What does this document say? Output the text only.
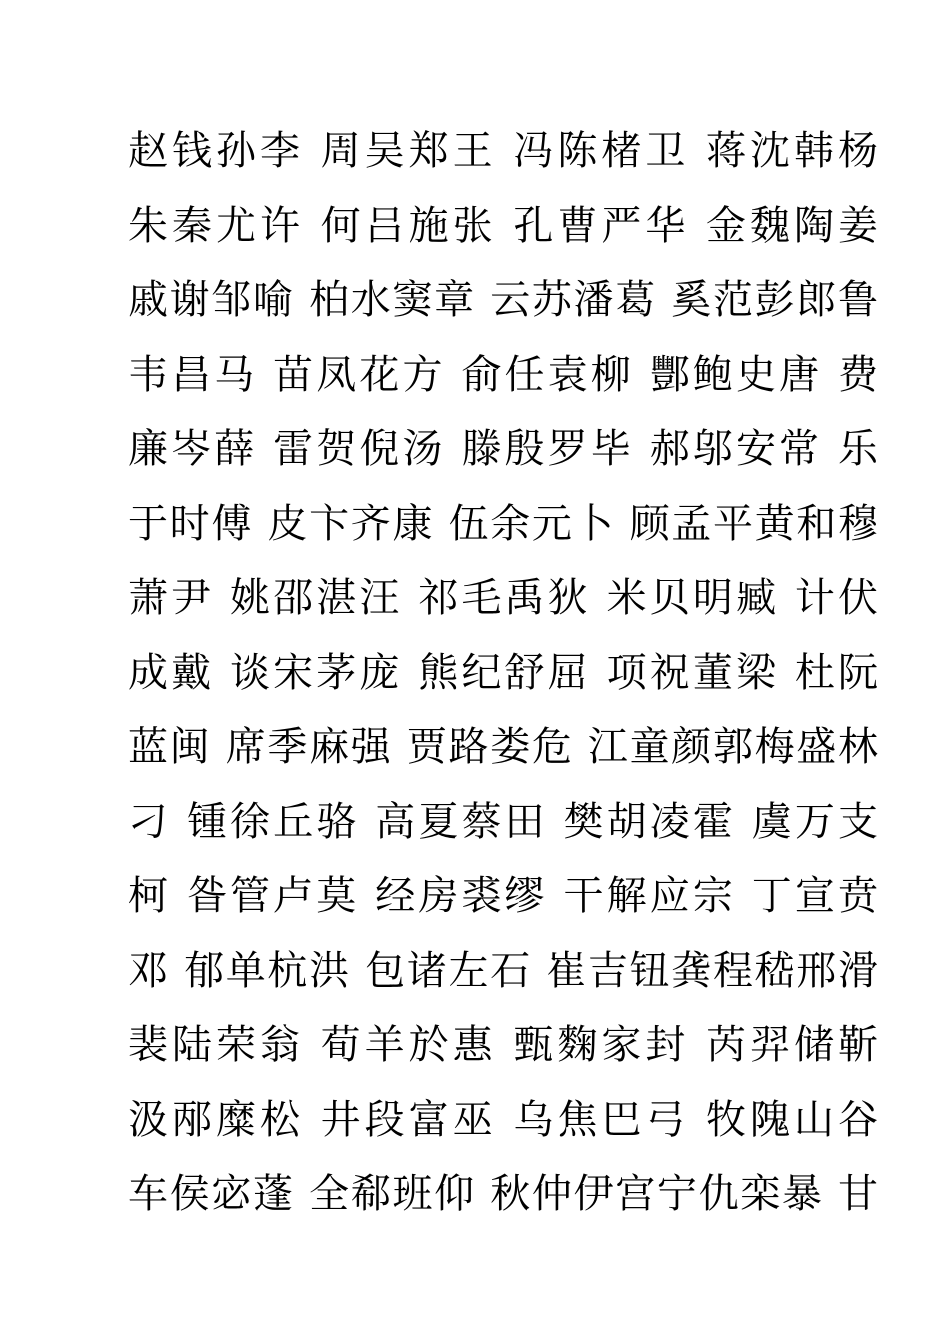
赵钱孙李 周吴郑王 冯陈楮卫 蒋沈韩杨
朱秦尤许 何吕施张 孔曹严华 金魏陶姜
戚谢邹喻 柏水窦章 云苏潘葛 奚范彭郎鲁
韦昌马 苗凤花方 俞任袁柳 酆鲍史唐 费
廉岑薛 雷贺倪汤 滕殷罗毕 郝邬安常 乐
于时傅 皮卞齐康 伍余元卜 顾孟平黄和穆
萧尹 姚邵湛汪 祁毛禹狄 米贝明臧 计伏
成戴 谈宋茅庞 熊纪舒屈 项祝董梁 杜阮
蓝闽 席季麻强 贾路娄危 江童颜郭梅盛林
刁 锺徐丘骆 高夏蔡田 樊胡凌霍 虞万支
柯 昝管卢莫 经房裘缪 干解应宗 丁宣贲
邓 郁单杭洪 包诸左石 崔吉钮龚程嵇邢滑
裴陆荣翁 荀羊於惠 甄麴家封 芮羿储靳
汲邴糜松 井段富巫 乌焦巴弓 牧隗山谷
车侯宓蓬 全郗班仰 秋仲伊宫宁仇栾暴 甘
